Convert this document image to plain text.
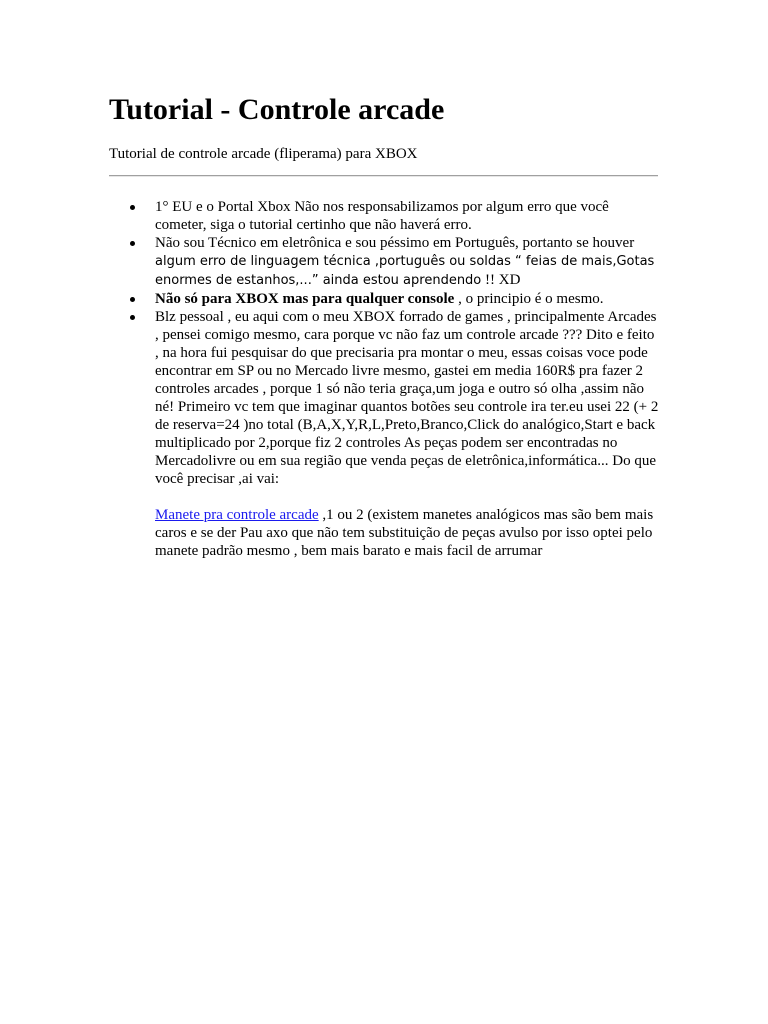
Tutorial - Controle arcade

Tutorial de controle arcade (fliperama) para XBOX

1° EU e o Portal Xbox Não nos responsabilizamos por algum erro que você cometer, siga o tutorial certinho que não haverá erro.
Não sou Técnico em eletrônica e sou péssimo em Português, portanto se houver algum erro de linguagem técnica ,português ou soldas “ feias de mais,Gotas enormes de estanhos,...” ainda estou aprendendo !! XD
Não só para XBOX mas para qualquer console , o principio é o mesmo.
Blz pessoal , eu aqui com o meu XBOX forrado de games , principalmente Arcades , pensei comigo mesmo, cara porque vc não faz um controle arcade ??? Dito e feito , na hora fui pesquisar do que precisaria pra montar o meu, essas coisas voce pode encontrar em SP ou no Mercado livre mesmo, gastei em media 160R$ pra fazer 2 controles arcades , porque 1 só não teria graça,um joga e outro só olha ,assim não né! Primeiro vc tem que imaginar quantos botões seu controle ira ter.eu usei 22 (+ 2 de reserva=24 )no total (B,A,X,Y,R,L,Preto,Branco,Click do analógico,Start e back multiplicado por 2,porque fiz 2 controles As peças podem ser encontradas no Mercadolivre ou em sua região que venda peças de eletrônica,informática... Do que você precisar ,ai vai:
Manete pra controle arcade ,1 ou 2 (existem manetes analógicos mas são bem mais caros e se der Pau axo que não tem substituição de peças avulso por isso optei pelo manete padrão mesmo , bem mais barato e mais facil de arrumar
